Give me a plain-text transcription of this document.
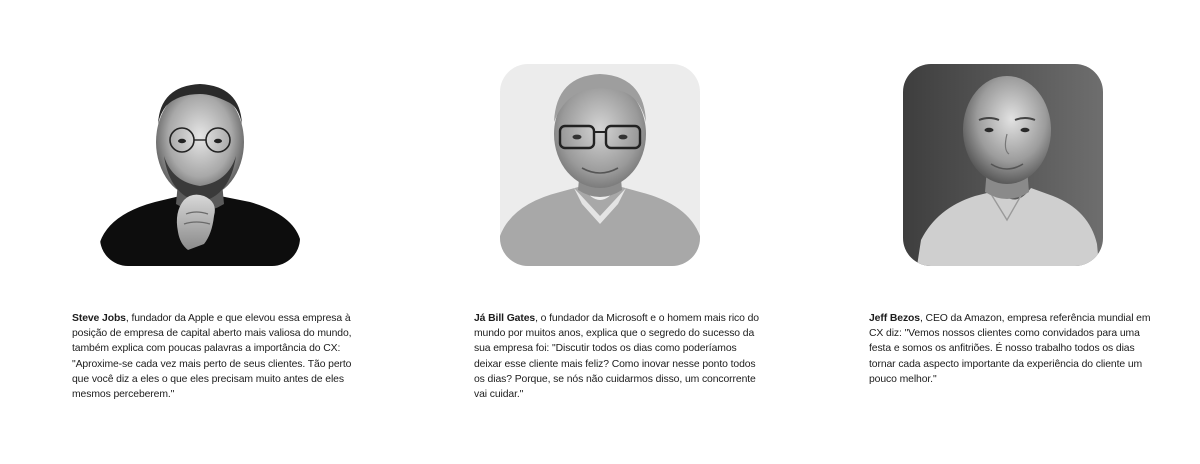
Steve Jobs, fundador da Apple e que elevou essa empresa à posição de empresa de capital aberto mais valiosa do mundo, também explica com poucas palavras a importância do CX: "Aproxime-se cada vez mais perto de seus clientes. Tão perto que você diz a eles o que eles precisam muito antes de eles mesmos perceberem."

Já Bill Gates, o fundador da Microsoft e o homem mais rico do mundo por muitos anos, explica que o segredo do sucesso da sua empresa foi: "Discutir todos os dias como poderíamos deixar esse cliente mais feliz? Como inovar nesse ponto todos os dias? Porque, se nós não cuidarmos disso, um concorrente vai cuidar."

Jeff Bezos, CEO da Amazon, empresa referência mundial em CX diz: "Vemos nossos clientes como convidados para uma festa e somos os anfitriões. É nosso trabalho todos os dias tornar cada aspecto importante da experiência do cliente um pouco melhor."
